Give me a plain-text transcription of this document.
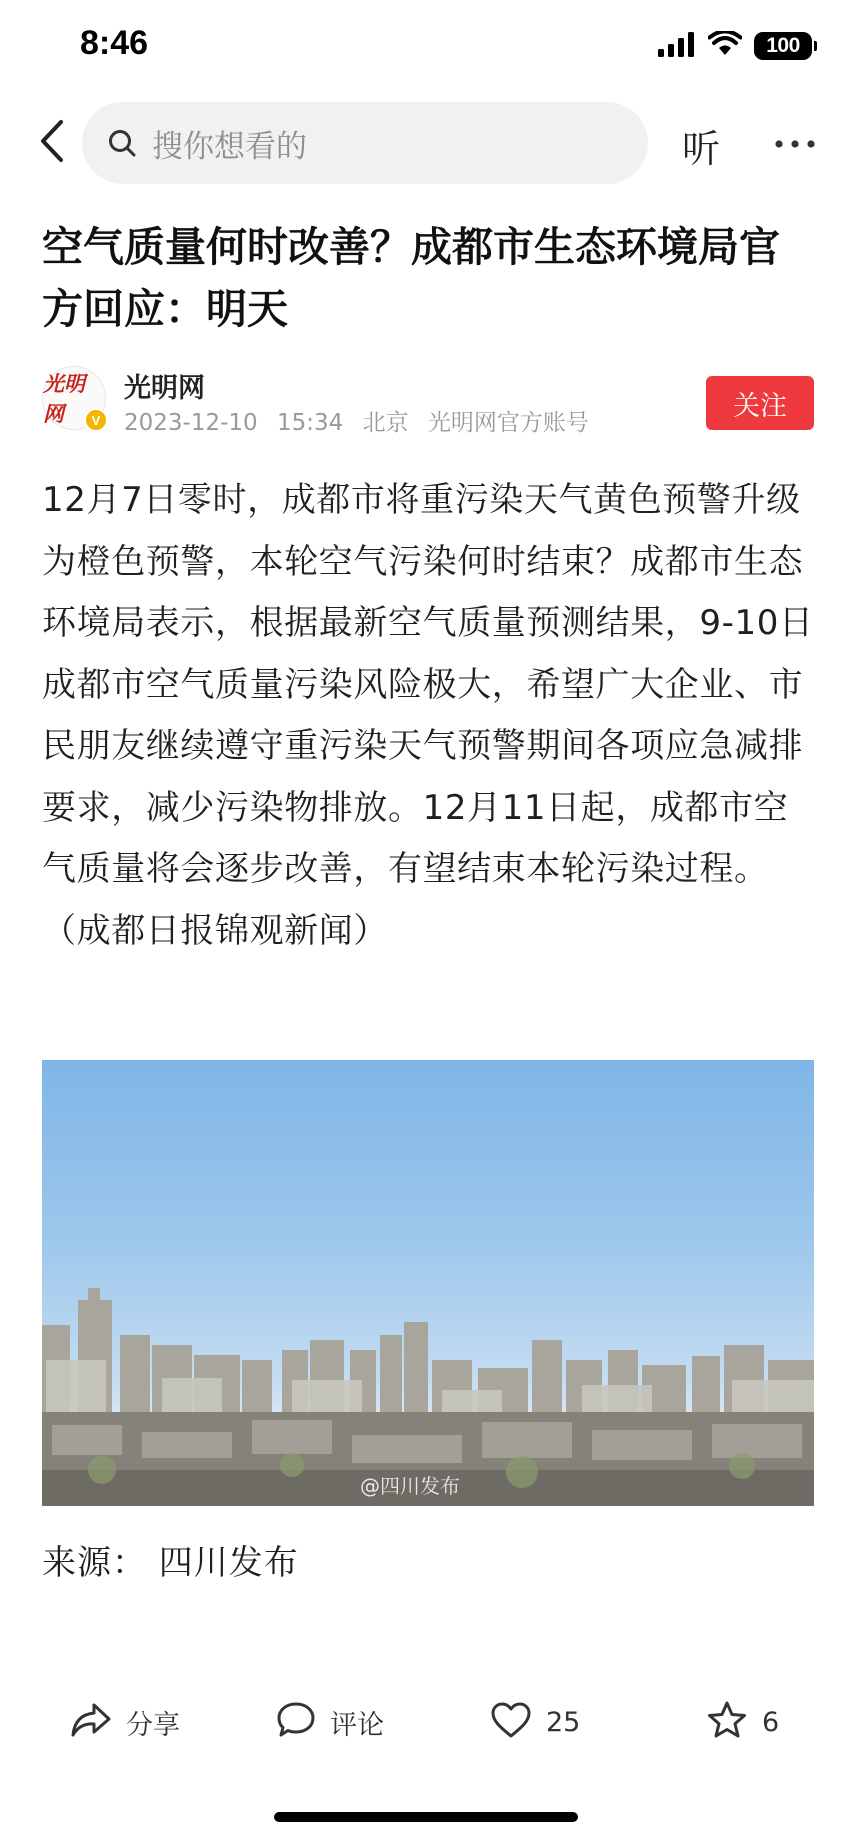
8:46	100
搜你想看的	听
空气质量何时改善？成都市生态环境局官方回应：明天
光明网	V
光明网
2023-12-10 15:34 北京 光明网官方账号
关注

12月7日零时，成都市将重污染天气黄色预警升级为橙色预警，本轮空气污染何时结束？成都市生态环境局表示，根据最新空气质量预测结果，9-10日成都市空气质量污染风险极大，希望广大企业、市民朋友继续遵守重污染天气预警期间各项应急减排要求，减少污染物排放。12月11日起，成都市空气质量将会逐步改善，有望结束本轮污染过程。（成都日报锦观新闻）

@四川发布
来源： 四川发布
分享	评论	25	6
